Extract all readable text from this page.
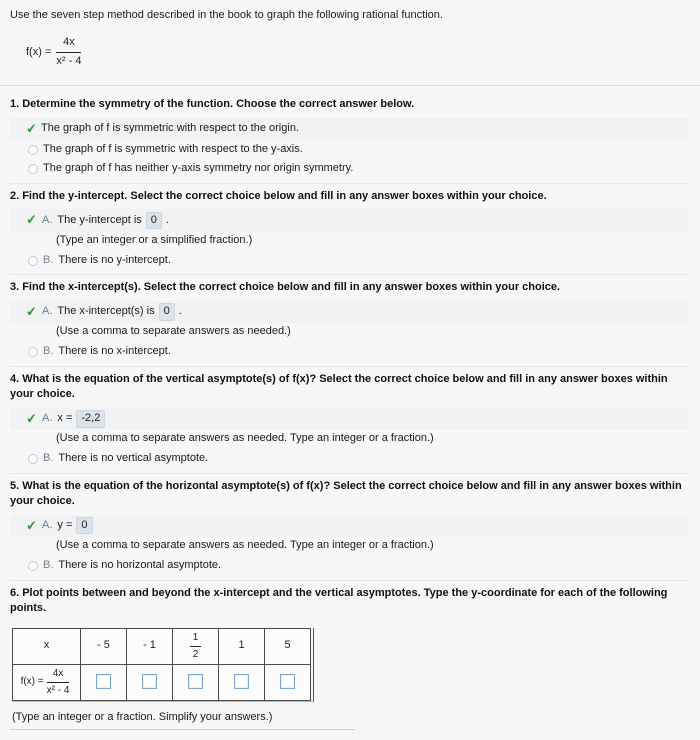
Use the seven step method described in the book to graph the following rational function.
$f(x) = \frac{4x}{\text{x² - 4}}$
1. Determine the symmetry of the function. Choose the correct answer below.
✔
The graph of f is symmetric with respect to the origin.
The graph of f is symmetric with respect to the y-axis.
The graph of f has neither y-axis symmetry nor origin symmetry.
2. Find the y-intercept. Select the correct choice below and fill in any answer boxes within your choice.
✔
A. The y-intercept is 0 .
(Type an integer or a simplified fraction.)
B. There is no y-intercept.
3. Find the x-intercept(s). Select the correct choice below and fill in any answer boxes within your choice.
✔
A. The x-intercept(s) is 0 .
(Use a comma to separate answers as needed.)
B. There is no x-intercept.
4. What is the equation of the vertical asymptote(s) of f(x)? Select the correct choice below and fill in any answer boxes within your choice.
✔
A. x = -2,2
(Use a comma to separate answers as needed. Type an integer or a fraction.)
B. There is no vertical asymptote.
5. What is the equation of the horizontal asymptote(s) of f(x)? Select the correct choice below and fill in any answer boxes within your choice.
✔
A. y = 0
(Use a comma to separate answers as needed. Type an integer or a fraction.)
B. There is no horizontal asymptote.
6. Plot points between and beyond the x-intercept and the vertical asymptotes. Type the y-coordinate for each of the following points.
x	- 5	- 1	$\frac{1}{2}$	1	5

$f(x) = \frac{4x}{\text{x² - 4}}$

(Type an integer or a fraction. Simplify your answers.)
